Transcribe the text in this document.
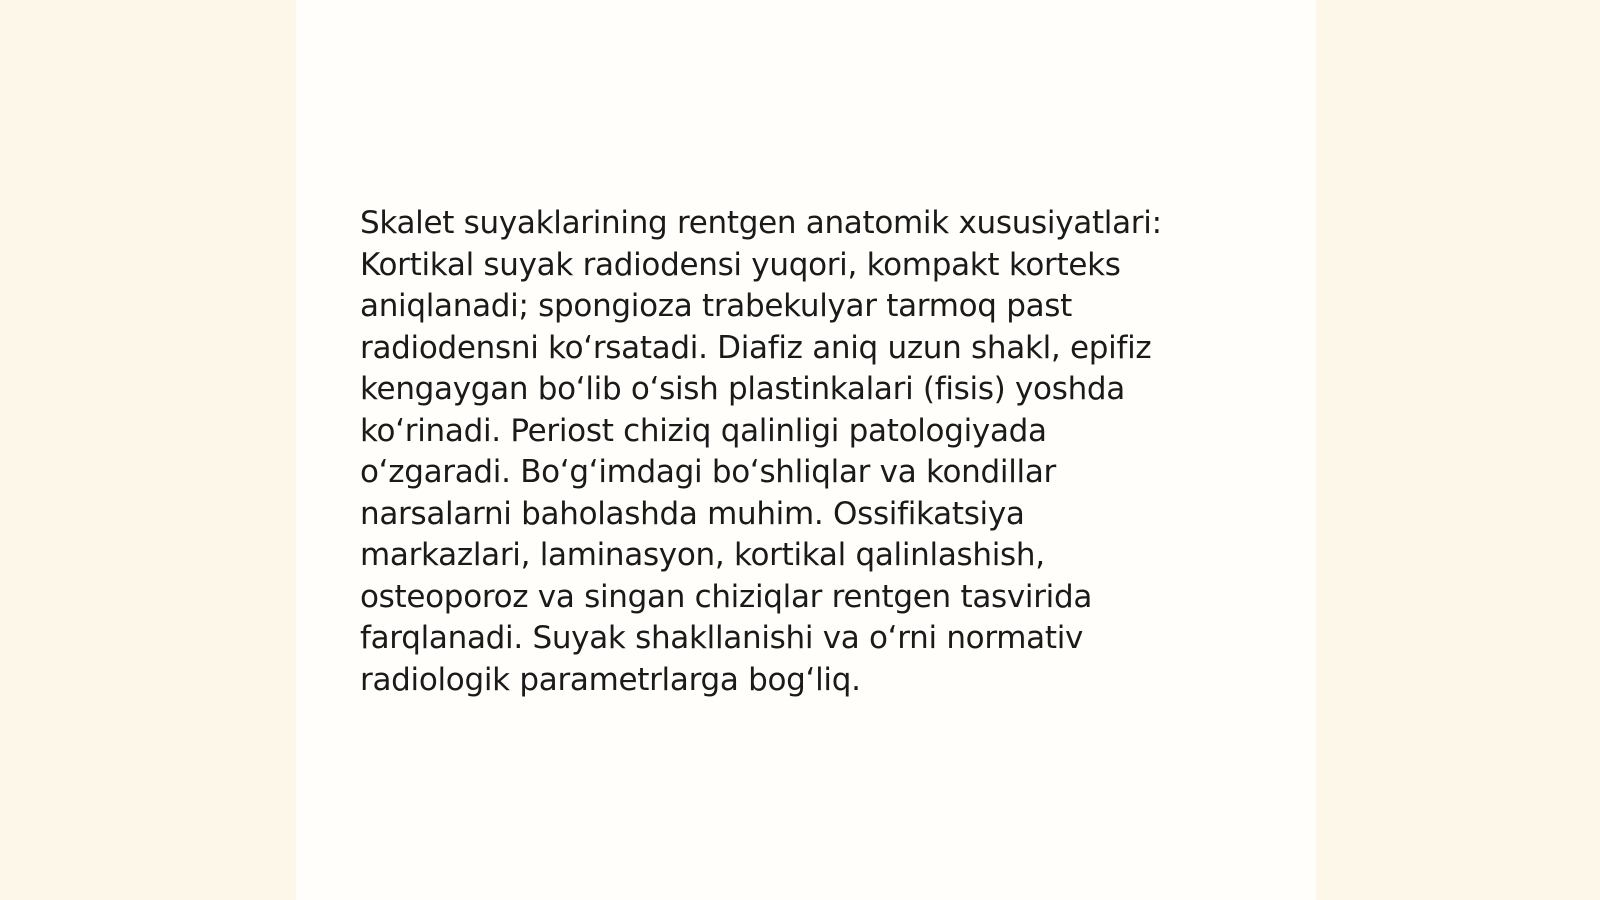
Skalet suyaklarining rentgen anatomik xususiyatlari:
Kortikal suyak radiodensi yuqori, kompakt korteks
aniqlanadi; spongioza trabekulyar tarmoq past
radiodensni koʻrsatadi. Diafiz aniq uzun shakl, epifiz
kengaygan boʻlib oʻsish plastinkalari (fisis) yoshda
koʻrinadi. Periost chiziq qalinligi patologiyada
oʻzgaradi. Boʻgʻimdagi boʻshliqlar va kondillar
narsalarni baholashda muhim. Ossifikatsiya
markazlari, laminasyon, kortikal qalinlashish,
osteoporoz va singan chiziqlar rentgen tasvirida
farqlanadi. Suyak shakllanishi va oʻrni normativ
radiologik parametrlarga bogʻliq.
